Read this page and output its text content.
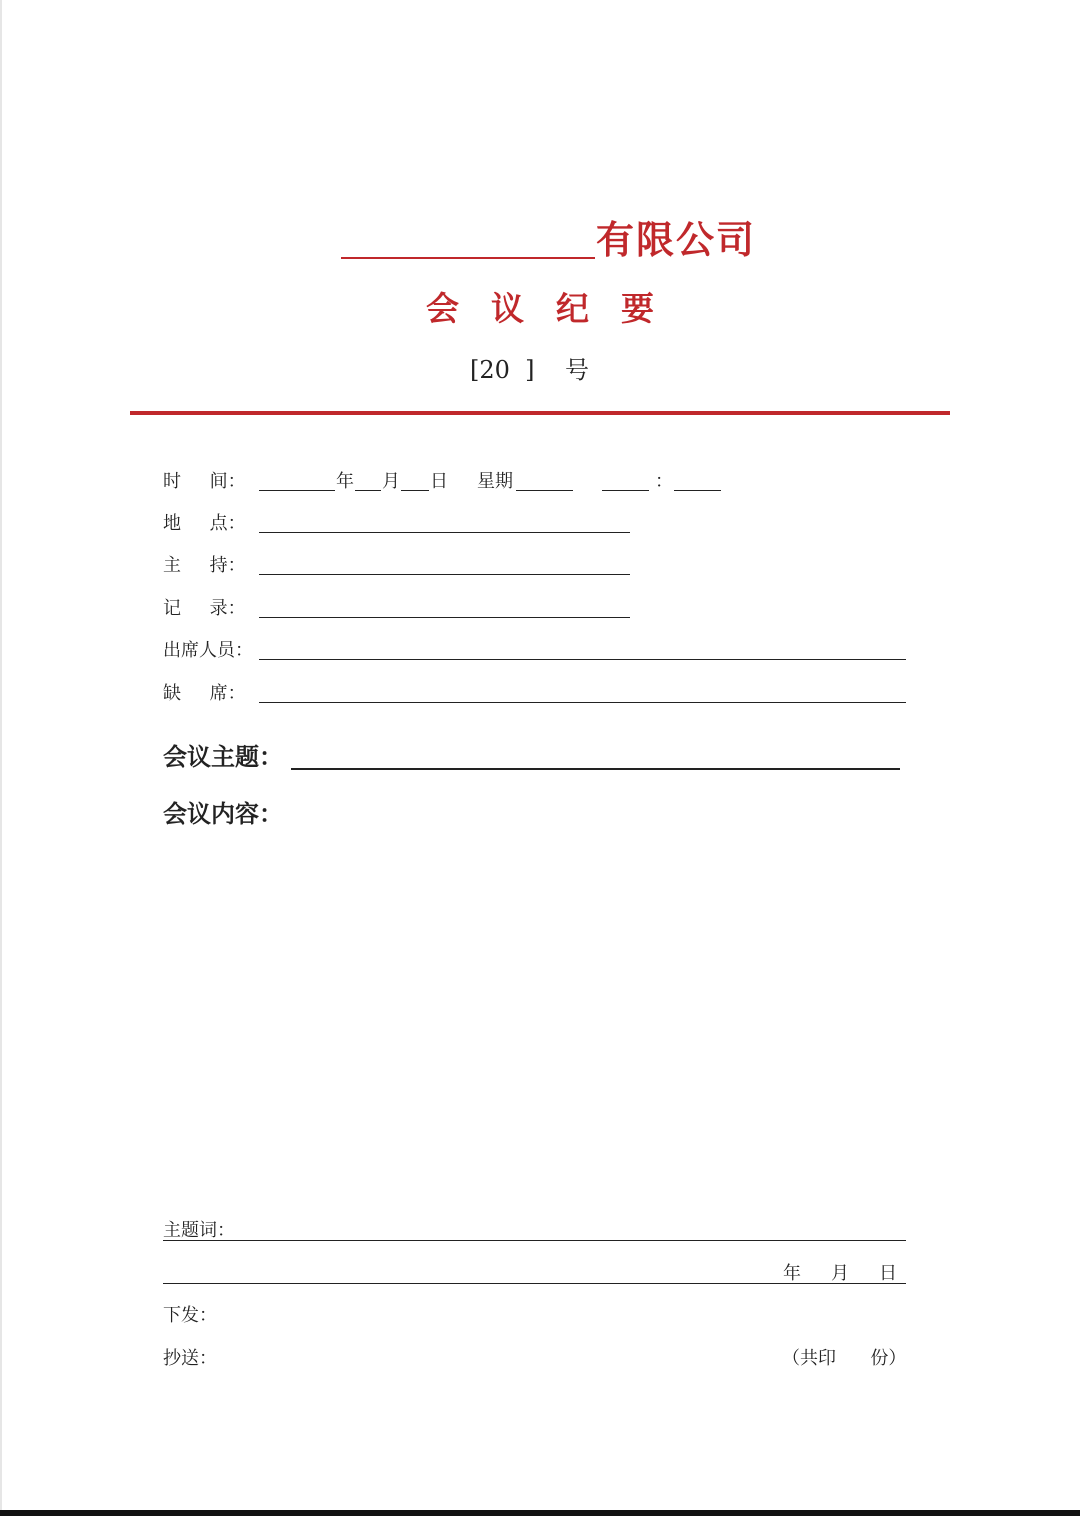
有限公司
会议纪要
[20  ]    号
时     间：	年 月 日 星期	：
地     点：
主     持：
记     录：
出席人员：
缺     席：
会议主题：
会议内容：
主题词：
年 月 日
下发：
抄送：	（共印      份）
